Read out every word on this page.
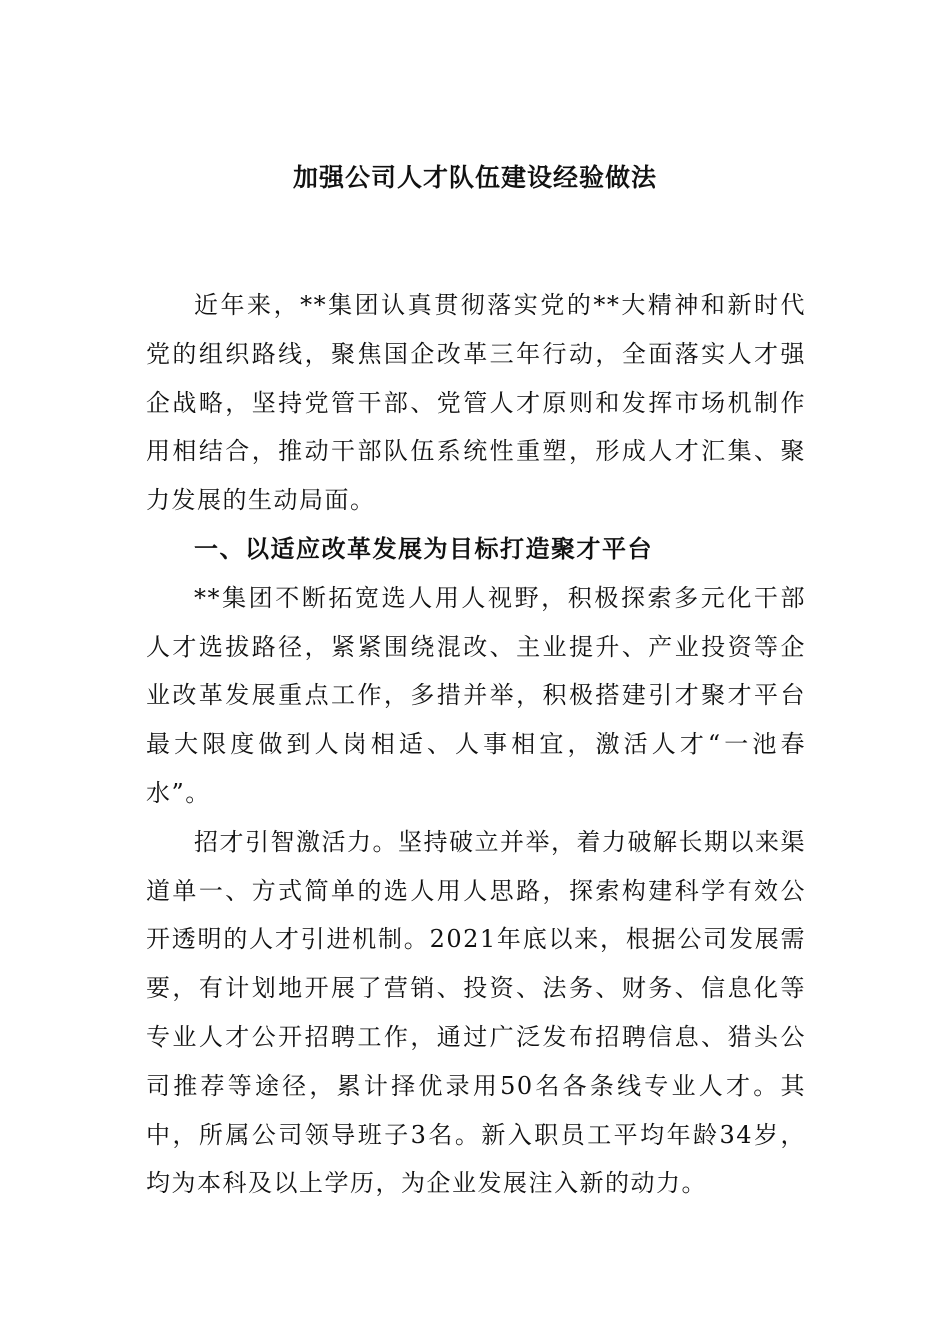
加强公司人才队伍建设经验做法

近年来，**集团认真贯彻落实党的**大精神和新时代党的组织路线，聚焦国企改革三年行动，全面落实人才强企战略，坚持党管干部、党管人才原则和发挥市场机制作用相结合，推动干部队伍系统性重塑，形成人才汇集、聚力发展的生动局面。

一、以适应改革发展为目标打造聚才平台

**集团不断拓宽选人用人视野，积极探索多元化干部人才选拔路径，紧紧围绕混改、主业提升、产业投资等企业改革发展重点工作，多措并举，积极搭建引才聚才平台最大限度做到人岗相适、人事相宜，激活人才“一池春水”。

招才引智激活力。坚持破立并举，着力破解长期以来渠道单一、方式简单的选人用人思路，探索构建科学有效公开透明的人才引进机制。2021年底以来，根据公司发展需要，有计划地开展了营销、投资、法务、财务、信息化等专业人才公开招聘工作，通过广泛发布招聘信息、猎头公司推荐等途径，累计择优录用50名各条线专业人才。其中，所属公司领导班子3名。新入职员工平均年龄34岁，均为本科及以上学历，为企业发展注入新的动力。
